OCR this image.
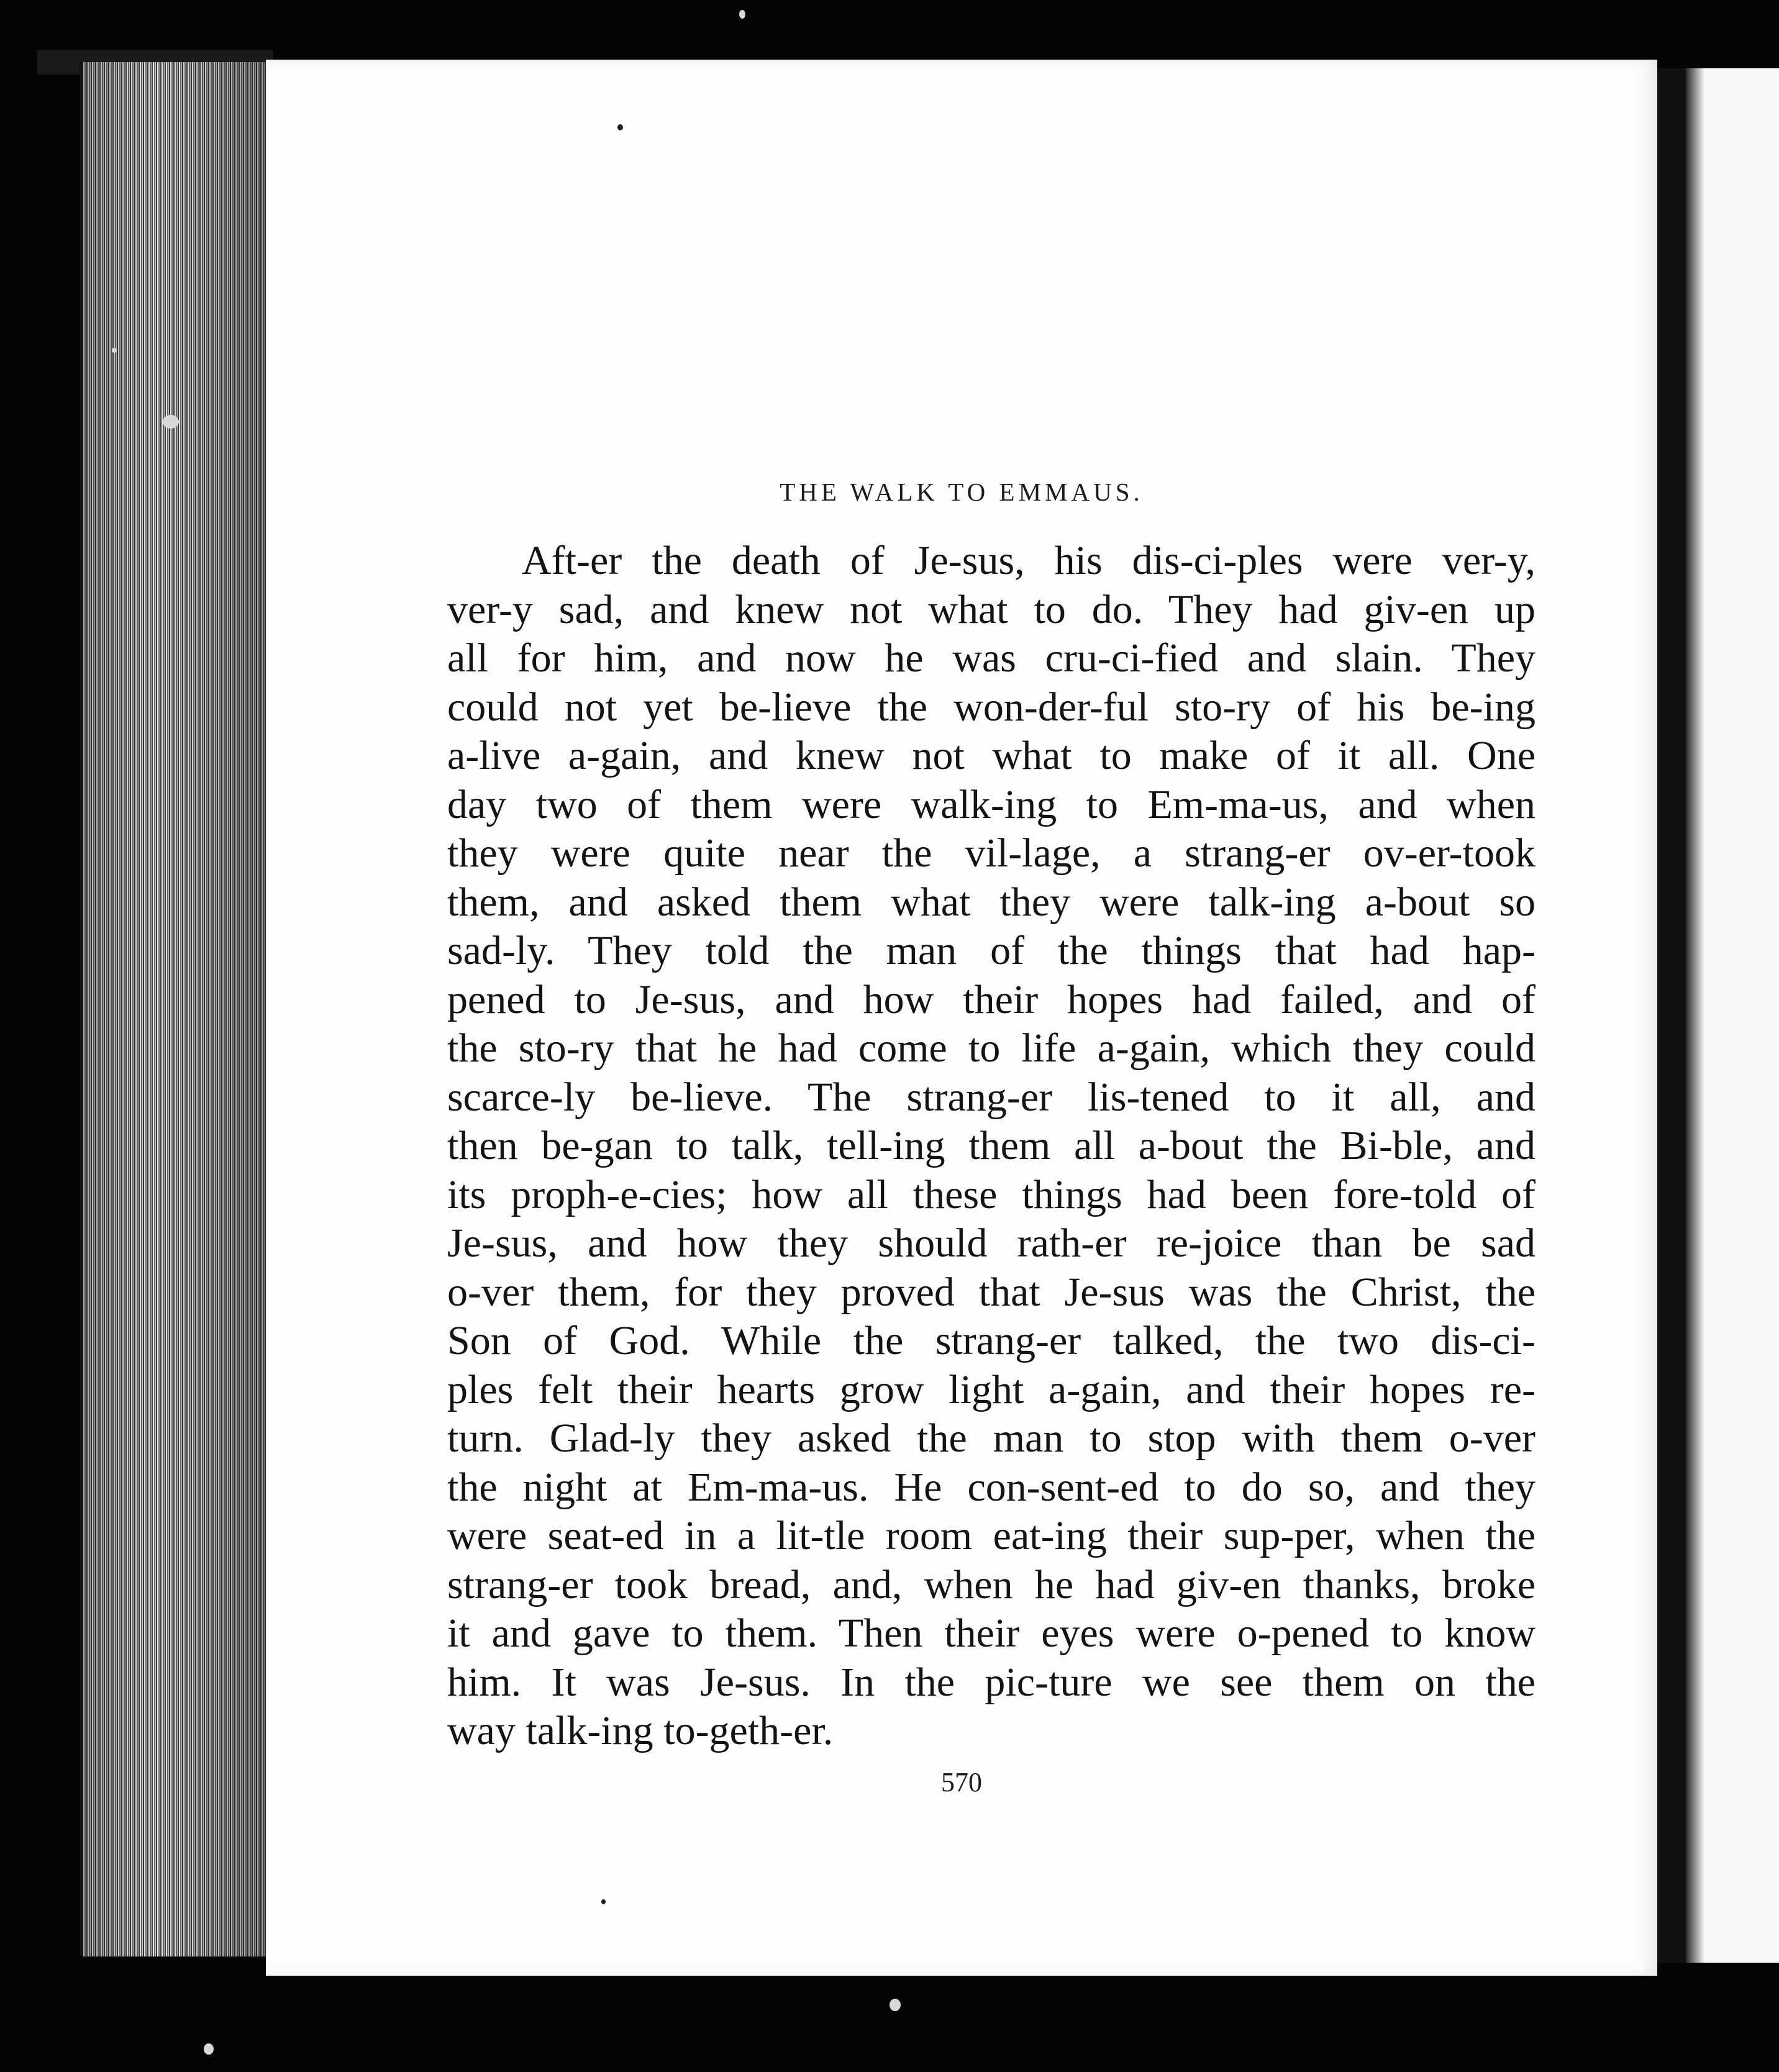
THE WALK TO EMMAUS.
Aft-er the death of Je-sus, his dis-ci-ples were ver-y,
ver-y sad, and knew not what to do. They had giv-en up
all for him, and now he was cru-ci-fied and slain. They
could not yet be-lieve the won-der-ful sto-ry of his be-ing
a-live a-gain, and knew not what to make of it all. One
day two of them were walk-ing to Em-ma-us, and when
they were quite near the vil-lage, a strang-er ov-er-took
them, and asked them what they were talk-ing a-bout so
sad-ly. They told the man of the things that had hap-
pened to Je-sus, and how their hopes had failed, and of
the sto-ry that he had come to life a-gain, which they could
scarce-ly be-lieve. The strang-er lis-tened to it all, and
then be-gan to talk, tell-ing them all a-bout the Bi-ble, and
its proph-e-cies; how all these things had been fore-told of
Je-sus, and how they should rath-er re-joice than be sad
o-ver them, for they proved that Je-sus was the Christ, the
Son of God. While the strang-er talked, the two dis-ci-
ples felt their hearts grow light a-gain, and their hopes re-
turn. Glad-ly they asked the man to stop with them o-ver
the night at Em-ma-us. He con-sent-ed to do so, and they
were seat-ed in a lit-tle room eat-ing their sup-per, when the
strang-er took bread, and, when he had giv-en thanks, broke
it and gave to them. Then their eyes were o-pened to know
him. It was Je-sus. In the pic-ture we see them on the
way talk-ing to-geth-er.
570
